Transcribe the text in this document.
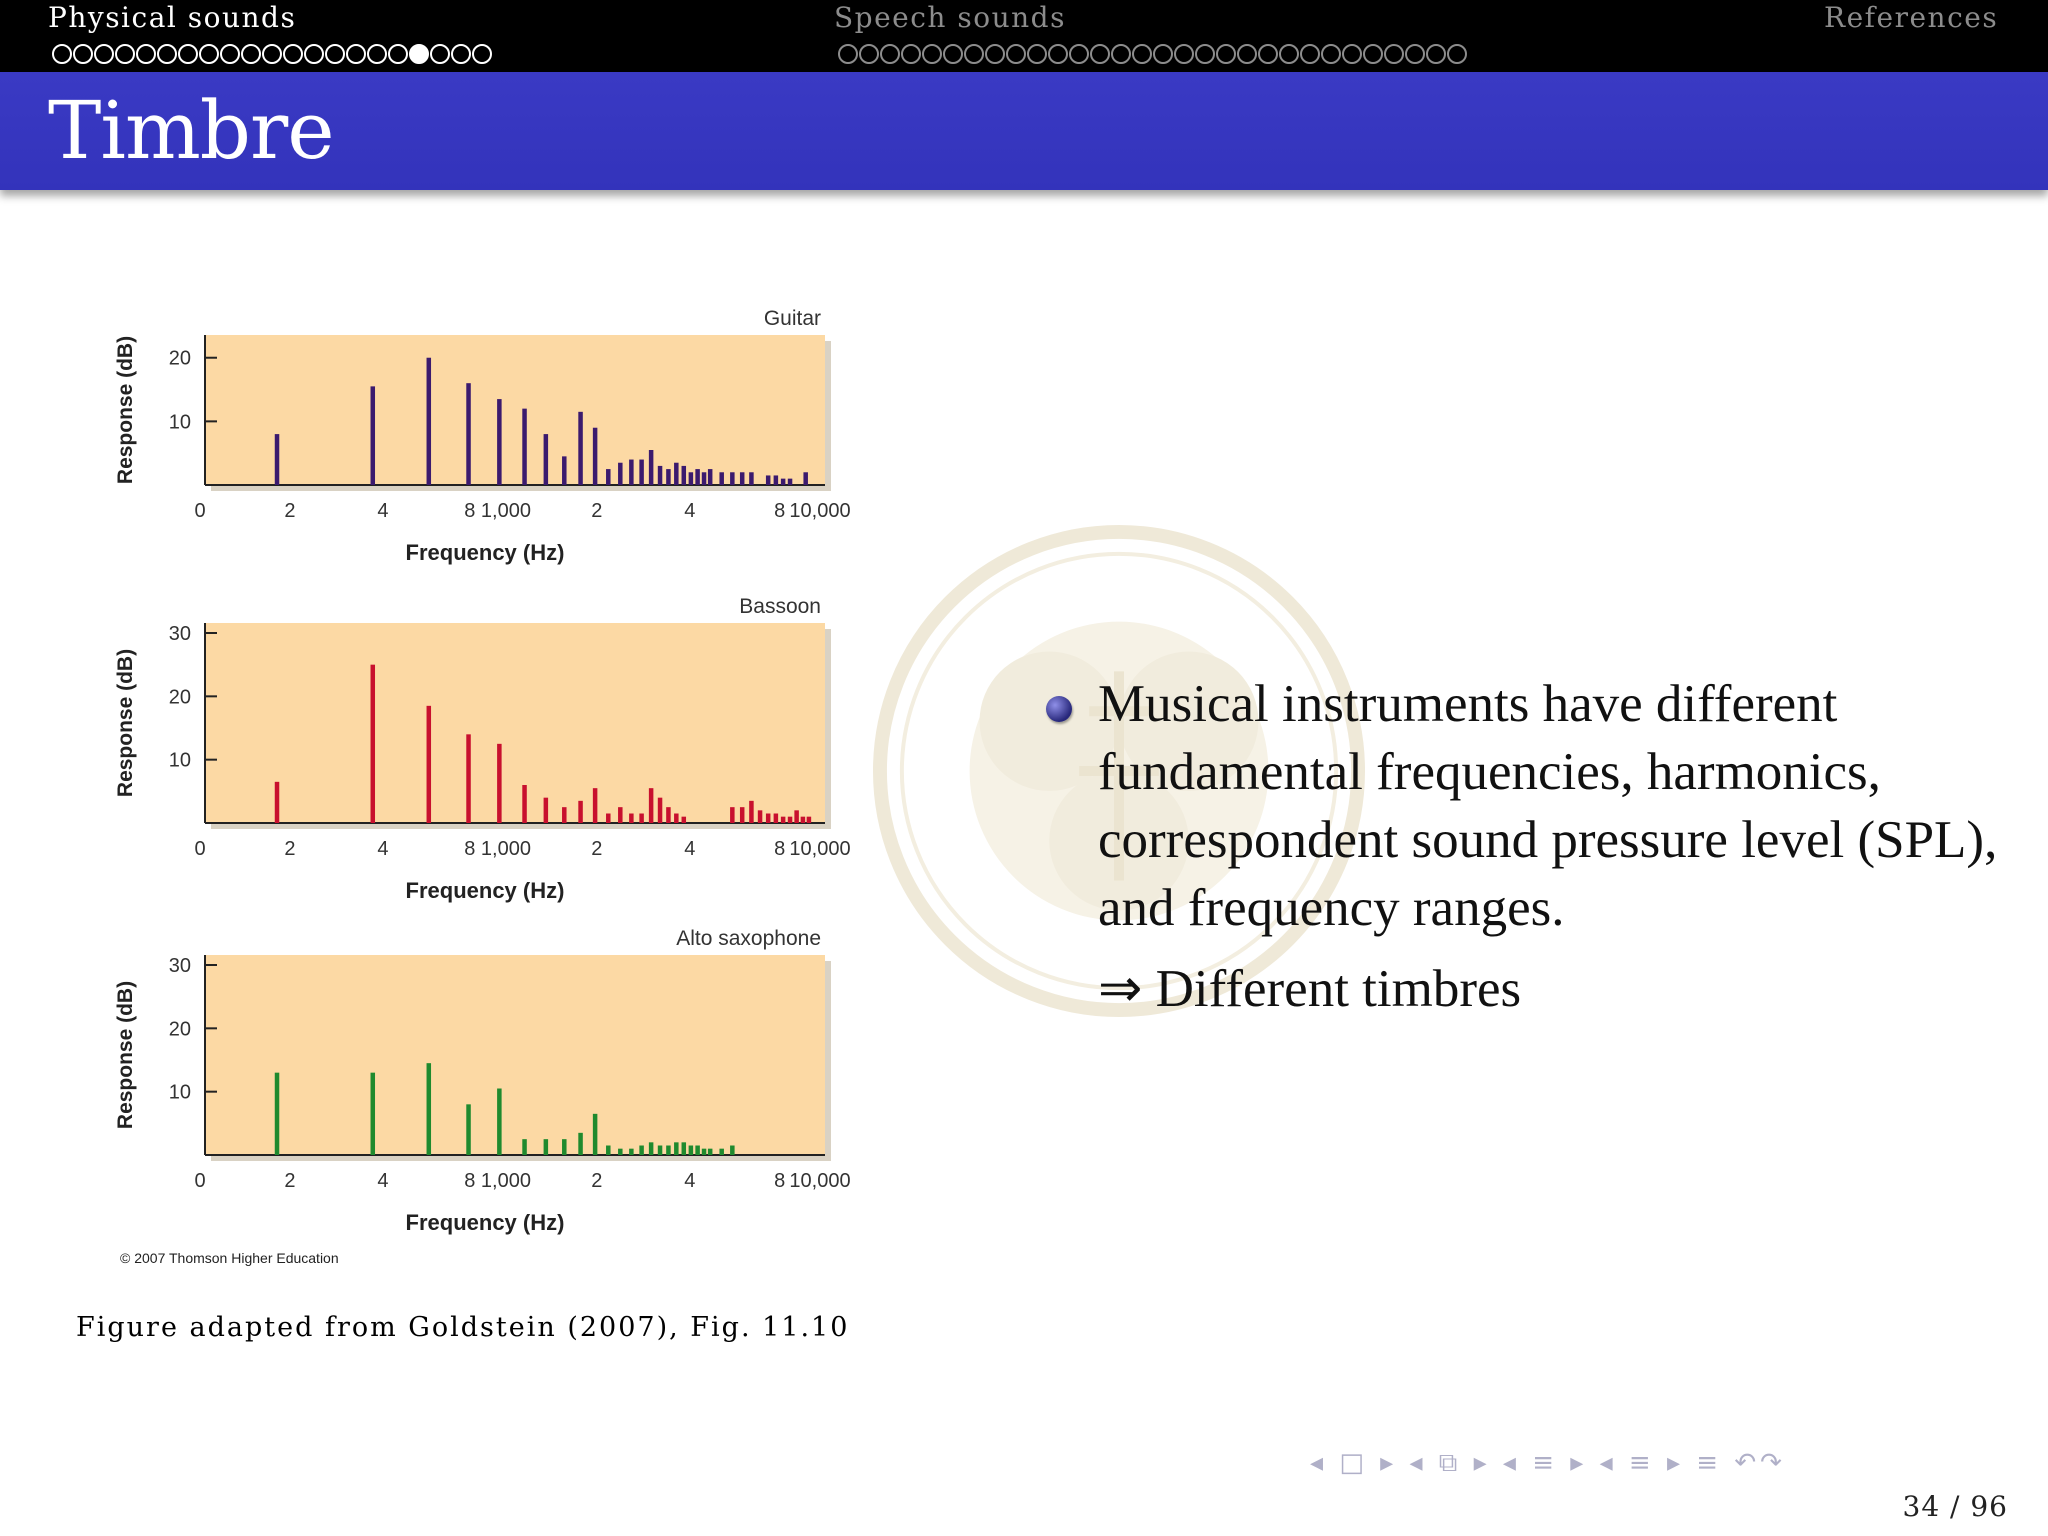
Physical sounds	Speech sounds	References
Timbre
10
20
0	2	4	8 1,000	2	4	8 10,000
Guitar
Frequency (Hz)
Response (dB)
10
20
30
0	2	4	8 1,000	2	4	8 10,000
Bassoon
Frequency (Hz)
Response (dB)
10
20
30
0	2	4	8 1,000	2	4	8 10,000
Alto saxophone
Frequency (Hz)
Response (dB)
© 2007 Thomson Higher Education
Figure adapted from Goldstein (2007), Fig. 11.10
Musical instruments have different fundamental frequencies, harmonics, correspondent sound pressure level (SPL), and frequency ranges.
⇒ Different timbres
◂ □ ▸ ◂ ⧉ ▸ ◂ ≡ ▸ ◂ ≡ ▸ ≡ ↶↷
34 / 96
